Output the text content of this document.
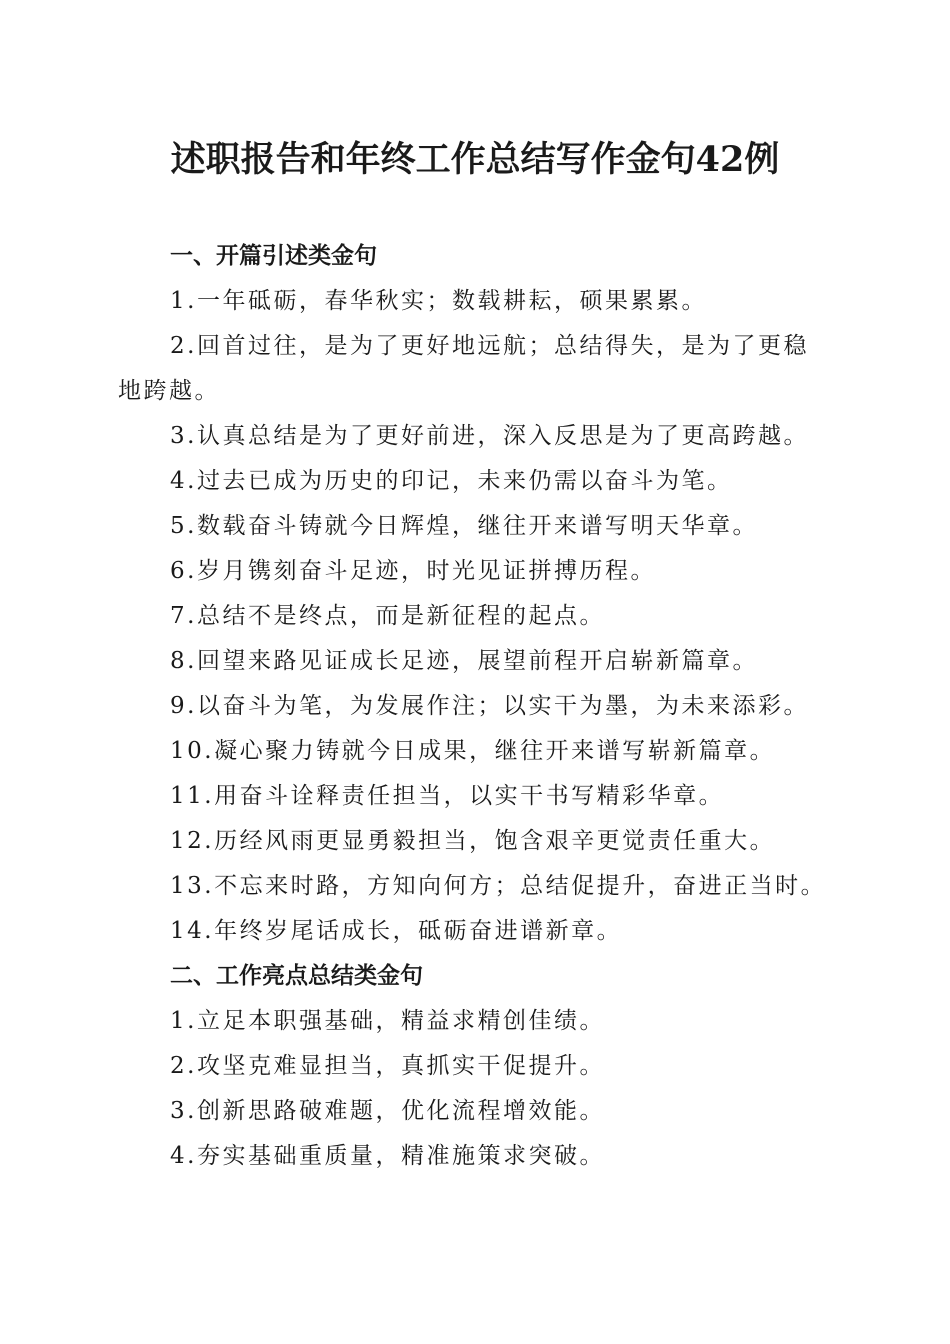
述职报告和年终工作总结写作金句42例
一、开篇引述类金句

1.一年砥砺，春华秋实；数载耕耘，硕果累累。

2.回首过往，是为了更好地远航；总结得失，是为了更稳地跨越。

3.认真总结是为了更好前进，深入反思是为了更高跨越。

4.过去已成为历史的印记，未来仍需以奋斗为笔。

5.数载奋斗铸就今日辉煌，继往开来谱写明天华章。

6.岁月镌刻奋斗足迹，时光见证拼搏历程。

7.总结不是终点，而是新征程的起点。

8.回望来路见证成长足迹，展望前程开启崭新篇章。

9.以奋斗为笔，为发展作注；以实干为墨，为未来添彩。

10.凝心聚力铸就今日成果，继往开来谱写崭新篇章。

11.用奋斗诠释责任担当，以实干书写精彩华章。

12.历经风雨更显勇毅担当，饱含艰辛更觉责任重大。

13.不忘来时路，方知向何方；总结促提升，奋进正当时。

14.年终岁尾话成长，砥砺奋进谱新章。

二、工作亮点总结类金句

1.立足本职强基础，精益求精创佳绩。

2.攻坚克难显担当，真抓实干促提升。

3.创新思路破难题，优化流程增效能。

4.夯实基础重质量，精准施策求突破。
